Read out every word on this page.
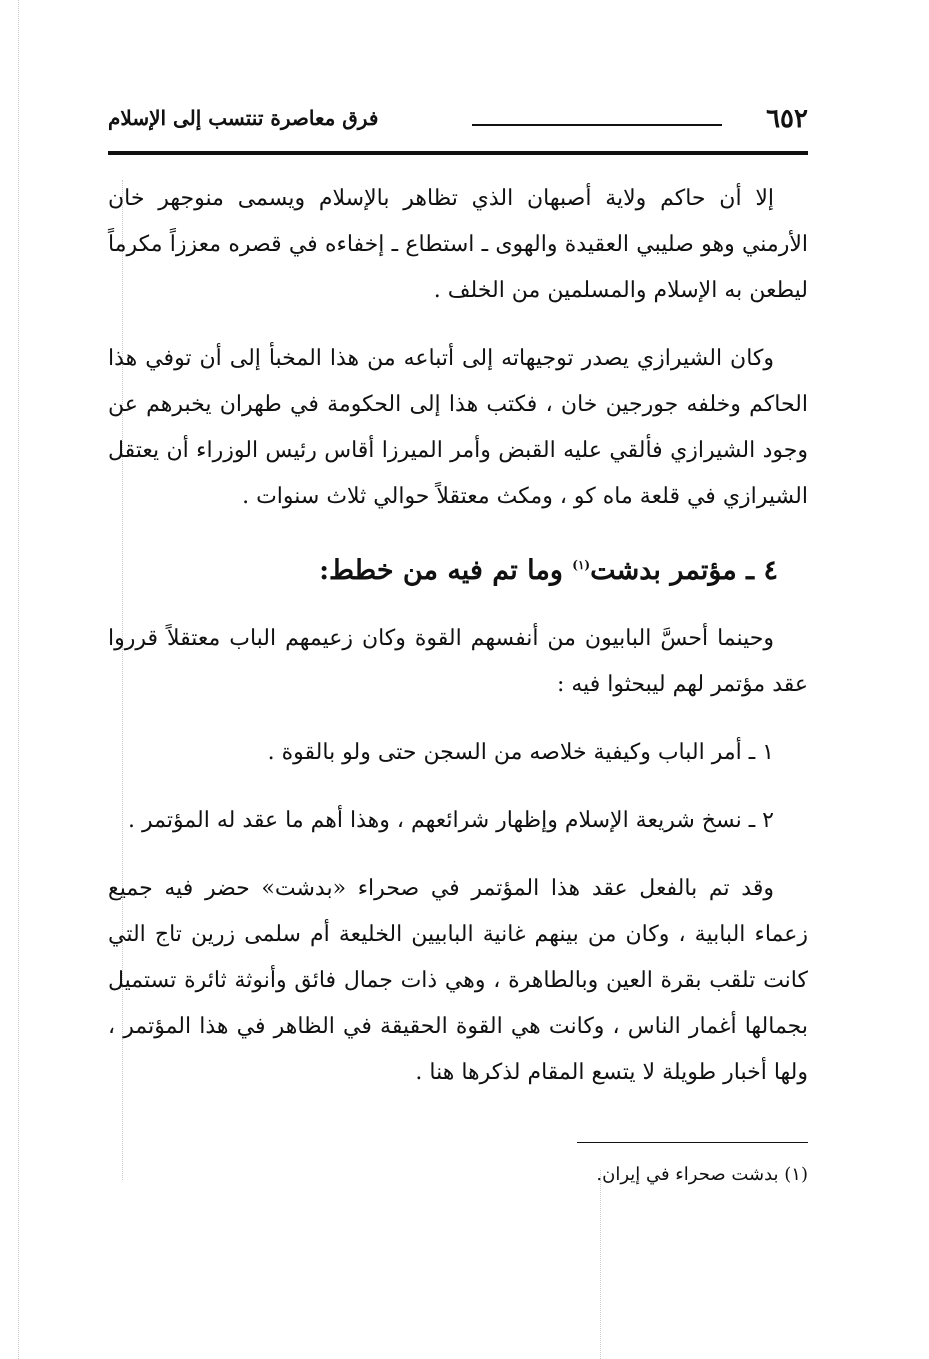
٦٥٢
فرق معاصرة تنتسب إلى الإسلام

إلا أن حاكم ولاية أصبهان الذي تظاهر بالإسلام ويسمى منوجهر خان الأرمني وهو صليبي العقيدة والهوى ـ استطاع ـ إخفاءه في قصره معززاً مكرماً ليطعن به الإسلام والمسلمين من الخلف .

وكان الشيرازي يصدر توجيهاته إلى أتباعه من هذا المخبأ إلى أن توفي هذا الحاكم وخلفه جورجين خان ، فكتب هذا إلى الحكومة في طهران يخبرهم عن وجود الشيرازي فألقي عليه القبض وأمر الميرزا أقاس رئيس الوزراء أن يعتقل الشيرازي في قلعة ماه كو ، ومكث معتقلاً حوالي ثلاث سنوات .

٤ ـ مؤتمر بدشت$^{(١)}$ وما تم فيه من خطط:

وحينما أحسَّ البابيون من أنفسهم القوة وكان زعيمهم الباب معتقلاً قرروا عقد مؤتمر لهم ليبحثوا فيه :

١ ـ أمر الباب وكيفية خلاصه من السجن حتى ولو بالقوة .

٢ ـ نسخ شريعة الإسلام وإظهار شرائعهم ، وهذا أهم ما عقد له المؤتمر .

وقد تم بالفعل عقد هذا المؤتمر في صحراء «بدشت» حضر فيه جميع زعماء البابية ، وكان من بينهم غانية البابيين الخليعة أم سلمى زرين تاج التي كانت تلقب بقرة العين وبالطاهرة ، وهي ذات جمال فائق وأنوثة ثائرة تستميل بجمالها أغمار الناس ، وكانت هي القوة الحقيقة في الظاهر في هذا المؤتمر ، ولها أخبار طويلة لا يتسع المقام لذكرها هنا .

(١) بدشت صحراء في إيران.
